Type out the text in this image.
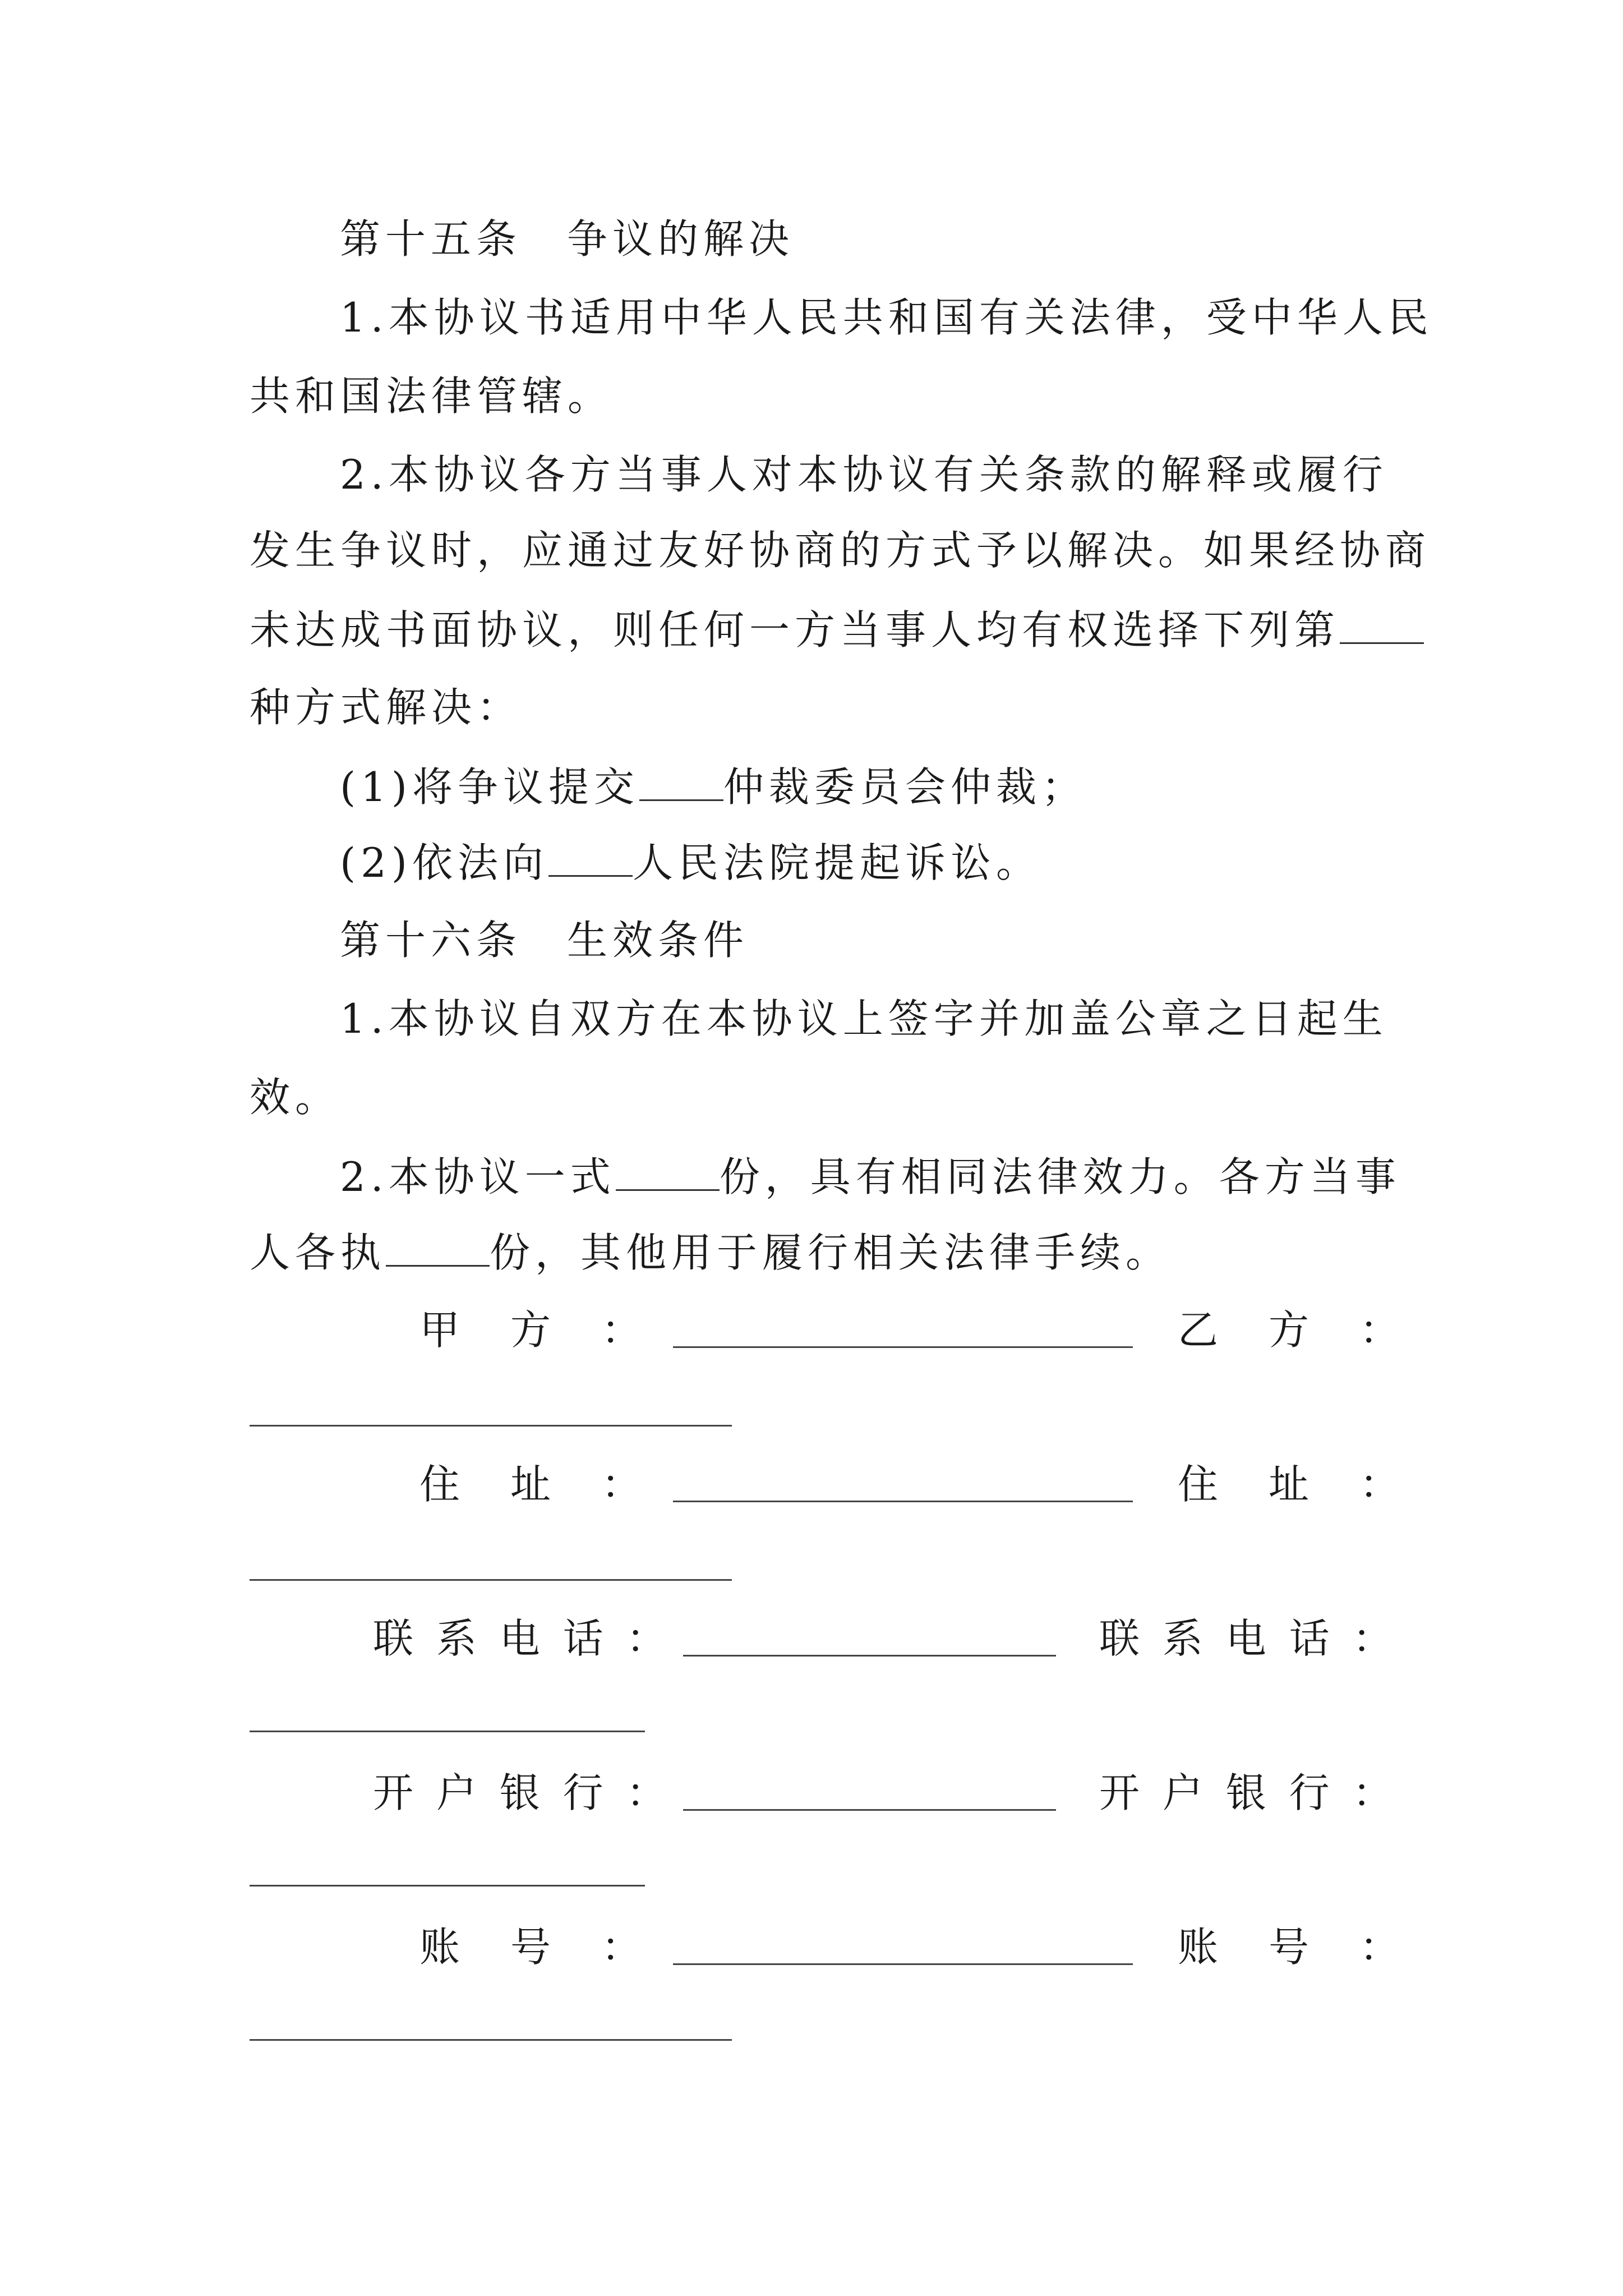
第十五条　争议的解决
1.本协议书适用中华人民共和国有关法律，受中华人民
共和国法律管辖。
2.本协议各方当事人对本协议有关条款的解释或履行
发生争议时，应通过友好协商的方式予以解决。如果经协商
未达成书面协议，则任何一方当事人均有权选择下列第
种方式解决：
(1)将争议提交 仲裁委员会仲裁；
(2)依法向 人民法院提起诉讼。
第十六条　生效条件
1.本协议自双方在本协议上签字并加盖公章之日起生
效。
2.本协议一式	份，具有相同法律效力。各方当事
人各执	份，其他用于履行相关法律手续。
甲　方　：	乙　方　：
住　址　：	住　址　：
联 系 电 话 ：	联 系 电 话 ：
开 户 银 行 ：	开 户 银 行 ：
账　号　：	账　号　：
